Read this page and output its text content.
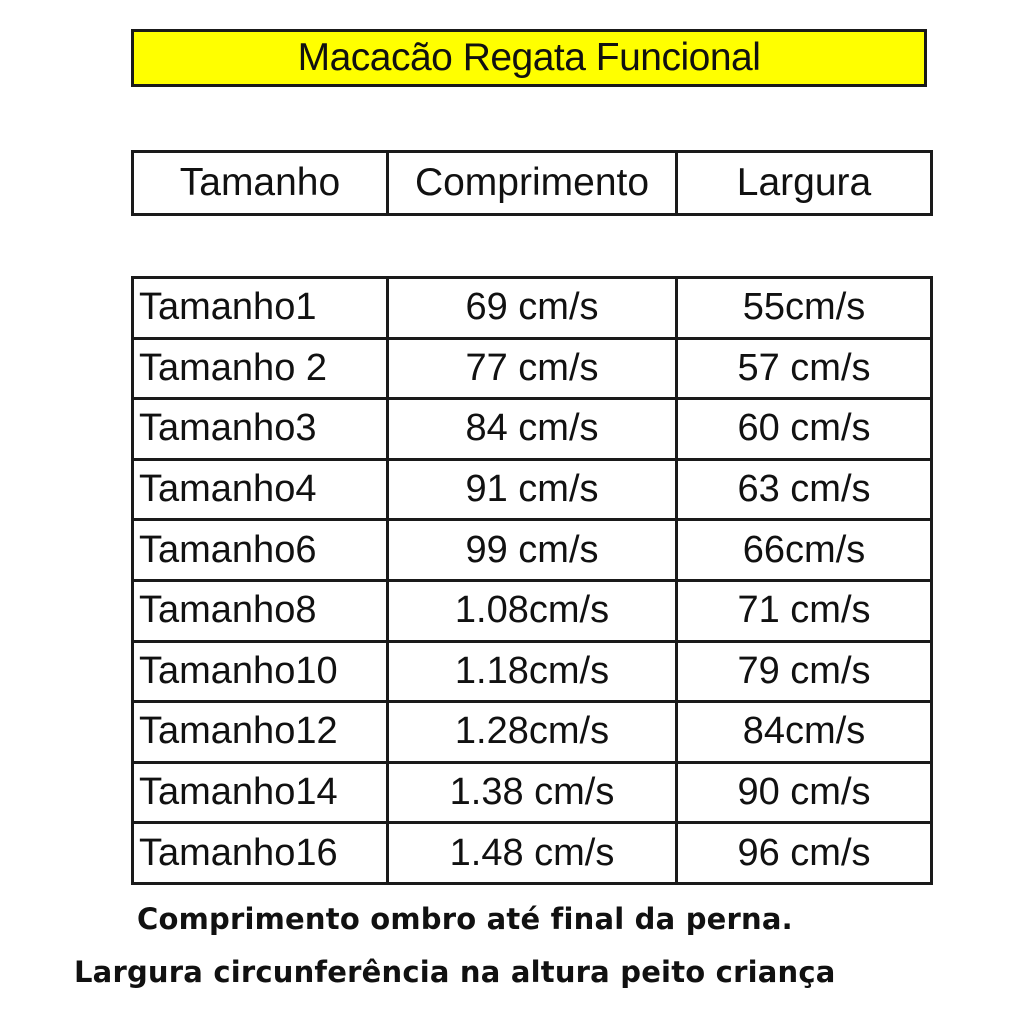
Macacão Regata Funcional
Tamanho	Comprimento	Largura
Tamanho1	69 cm/s	55cm/s
Tamanho 2	77 cm/s	57 cm/s
Tamanho3	84 cm/s	60 cm/s
Tamanho4	91 cm/s	63 cm/s
Tamanho6	99 cm/s	66cm/s
Tamanho8	1.08cm/s	71 cm/s
Tamanho10	1.18cm/s	79 cm/s
Tamanho12	1.28cm/s	84cm/s
Tamanho14	1.38 cm/s	90 cm/s
Tamanho16	1.48 cm/s	96 cm/s
Comprimento ombro até final da perna.
Largura circunferência na altura peito criança
